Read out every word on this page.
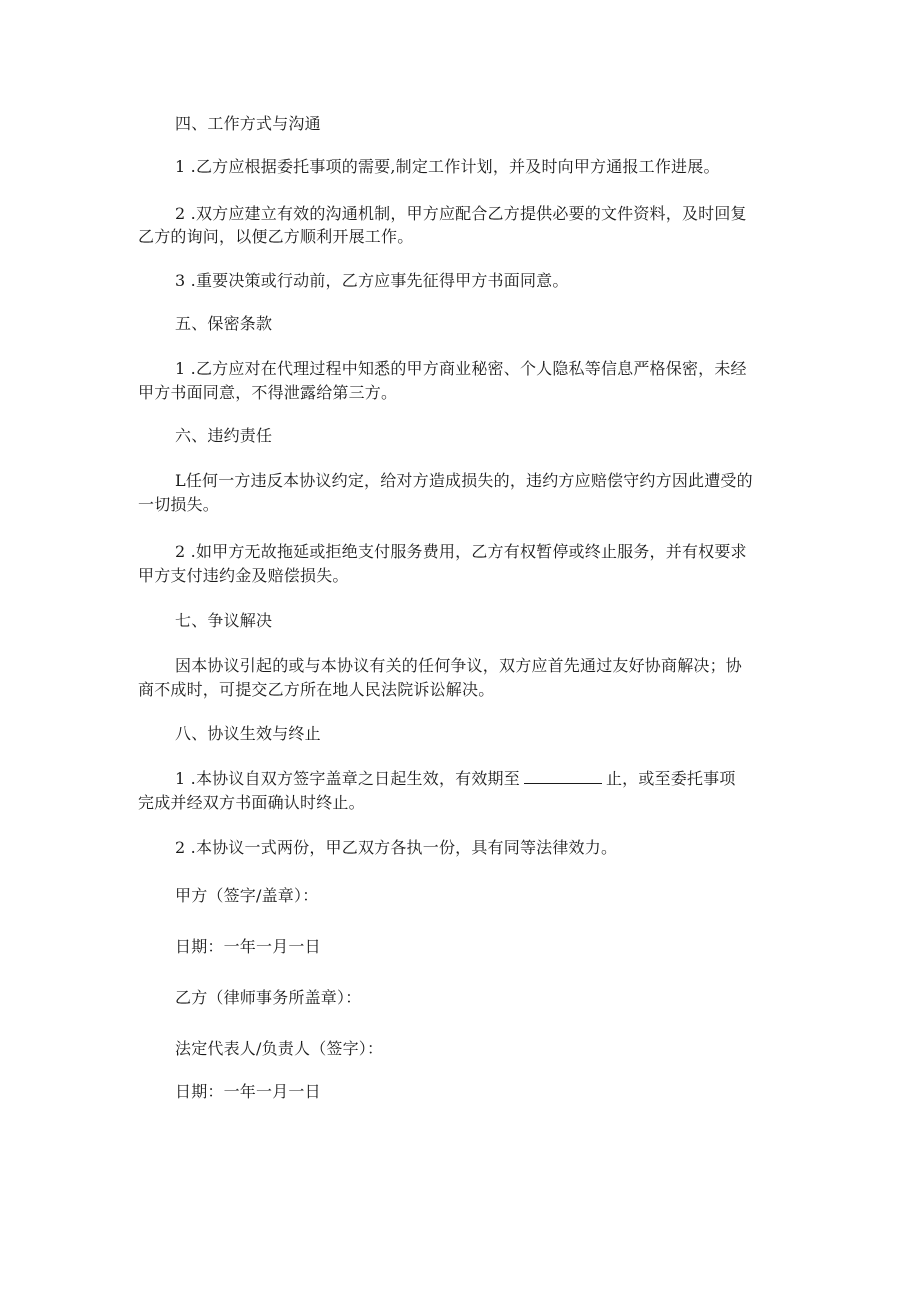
四、工作方式与沟通
1 .乙方应根据委托事项的需要,制定工作计划，并及时向甲方通报工作进展。
2 .双方应建立有效的沟通机制，甲方应配合乙方提供必要的文件资料，及时回复
乙方的询问，以便乙方顺利开展工作。
3 .重要决策或行动前，乙方应事先征得甲方书面同意。
五、保密条款
1 .乙方应对在代理过程中知悉的甲方商业秘密、个人隐私等信息严格保密，未经
甲方书面同意，不得泄露给第三方。
六、违约责任
L任何一方违反本协议约定，给对方造成损失的，违约方应赔偿守约方因此遭受的
一切损失。
2 .如甲方无故拖延或拒绝支付服务费用，乙方有权暂停或终止服务，并有权要求
甲方支付违约金及赔偿损失。
七、争议解决
因本协议引起的或与本协议有关的任何争议，双方应首先通过友好协商解决；协
商不成时，可提交乙方所在地人民法院诉讼解决。
八、协议生效与终止
1 .本协议自双方签字盖章之日起生效，有效期至	止，或至委托事项
完成并经双方书面确认时终止。
2 .本协议一式两份，甲乙双方各执一份，具有同等法律效力。
甲方（签字/盖章）：
日期：一年一月一日
乙方（律师事务所盖章）：
法定代表人/负责人（签字）：
日期：一年一月一日
